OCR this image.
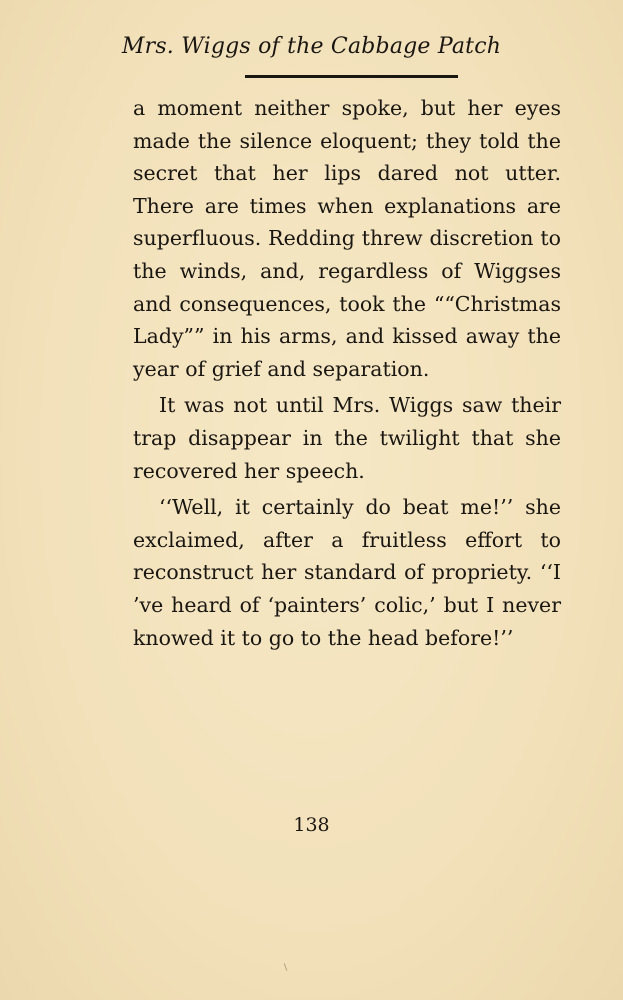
Mrs. Wiggs of the Cabbage Patch

a moment neither spoke, but her eyes made the silence eloquent; they told the secret that her lips dared not utter. There are times when explanations are superfluous. Redding threw discretion to the winds, and, regardless of Wiggses and consequences, took the ““Christmas Lady”” in his arms, and kissed away the year of grief and separation.

It was not until Mrs. Wiggs saw their trap disappear in the twilight that she recovered her speech.

‘‘Well, it certainly do beat me!’’ she exclaimed, after a fruitless effort to reconstruct her standard of propriety. ‘‘I ’ve heard of ‘painters’ colic,’ but I never knowed it to go to the head before!’’

138
